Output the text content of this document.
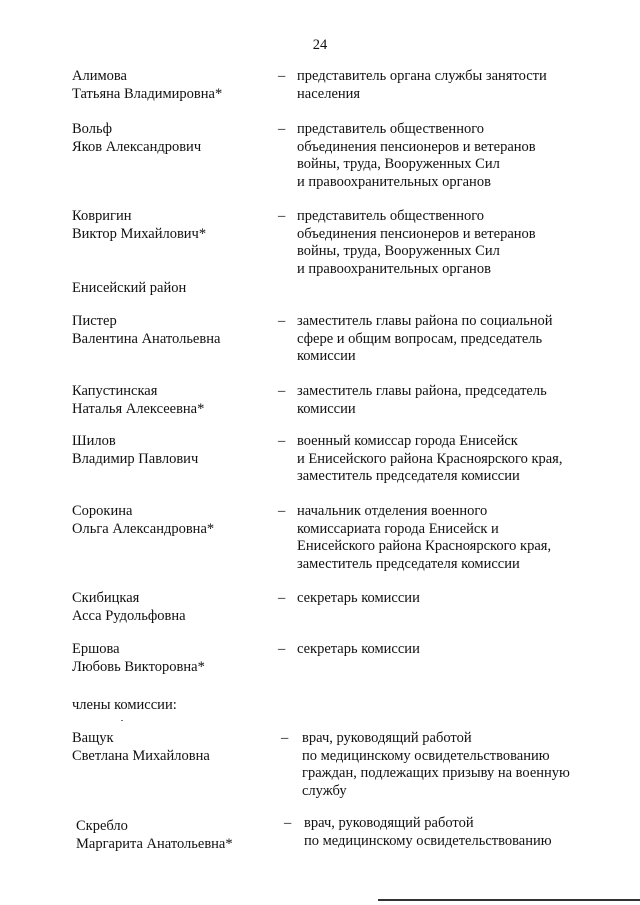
24
Алимова
Татьяна Владимировна*
– представитель органа службы занятости
населения
Вольф
Яков Александрович
– представитель общественного
объединения пенсионеров и ветеранов
войны, труда, Вооруженных Сил
и правоохранительных органов
Ковригин
Виктор Михайлович*
– представитель общественного
объединения пенсионеров и ветеранов
войны, труда, Вооруженных Сил
и правоохранительных органов
Енисейский район
Пистер
Валентина Анатольевна
– заместитель главы района по социальной
сфере и общим вопросам, председатель
комиссии
Капустинская
Наталья Алексеевна*
– заместитель главы района, председатель
комиссии
Шилов
Владимир Павлович
– военный комиссар города Енисейск
и Енисейского района Красноярского края,
заместитель председателя комиссии
Сорокина
Ольга Александровна*
– начальник отделения военного
комиссариата города Енисейск и
Енисейского района Красноярского края,
заместитель председателя комиссии
Скибицкая
Асса Рудольфовна
– секретарь комиссии
Ершова
Любовь Викторовна*
– секретарь комиссии
члены комиссии:
Ващук
Светлана Михайловна
– врач, руководящий работой
по медицинскому освидетельствованию
граждан, подлежащих призыву на военную
службу
Скребло
Маргарита Анатольевна*
– врач, руководящий работой
по медицинскому освидетельствованию
